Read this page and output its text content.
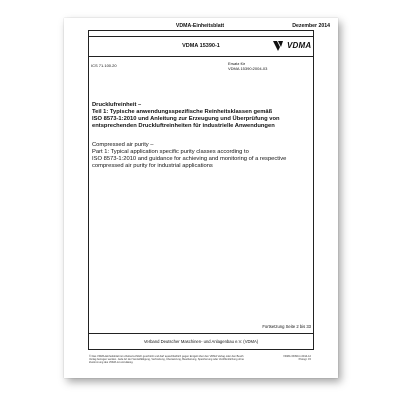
VDMA-Einheitsblatt	Dezember 2014
VDMA 15390-1	VDMA
ICS 71.100.20	Ersatz für
VDMA 15390:2004-03
Drucklufreinheit –
Teil 1: Typische anwendungsspezifische Reinheitsklassen gemäß
ISO 8573-1:2010 und Anleitung zur Erzeugung und Überprüfung von
entsprechenden Druckluftreinheiten für industrielle Anwendungen
Compressed air purity –
Part 1: Typical application specific purity classes according to
ISO 8573-1:2010 and guidance for achieving and monitoring of a respective
compressed air purity for industrial applications
Fortsetzung Seite 2 bis 33
Verband Deutscher Maschinen- und Anlagenbau e.V. (VDMA)
© Das VDMA-Einheitsblatt ist urheberrechtlich geschützt und darf ausschließlich gegen Entgelt über den VDMA Verlag oder den Beuth Verlag bezogen werden. Jede Art der Vervielfältigung, Verbreitung, Übersetzung, Bearbeitung, Speicherung oder Veröffentlichung ohne Zustimmung des VDMA ist unzulässig.
VDMA 15390-1:2014-12
Preisgr. 15
